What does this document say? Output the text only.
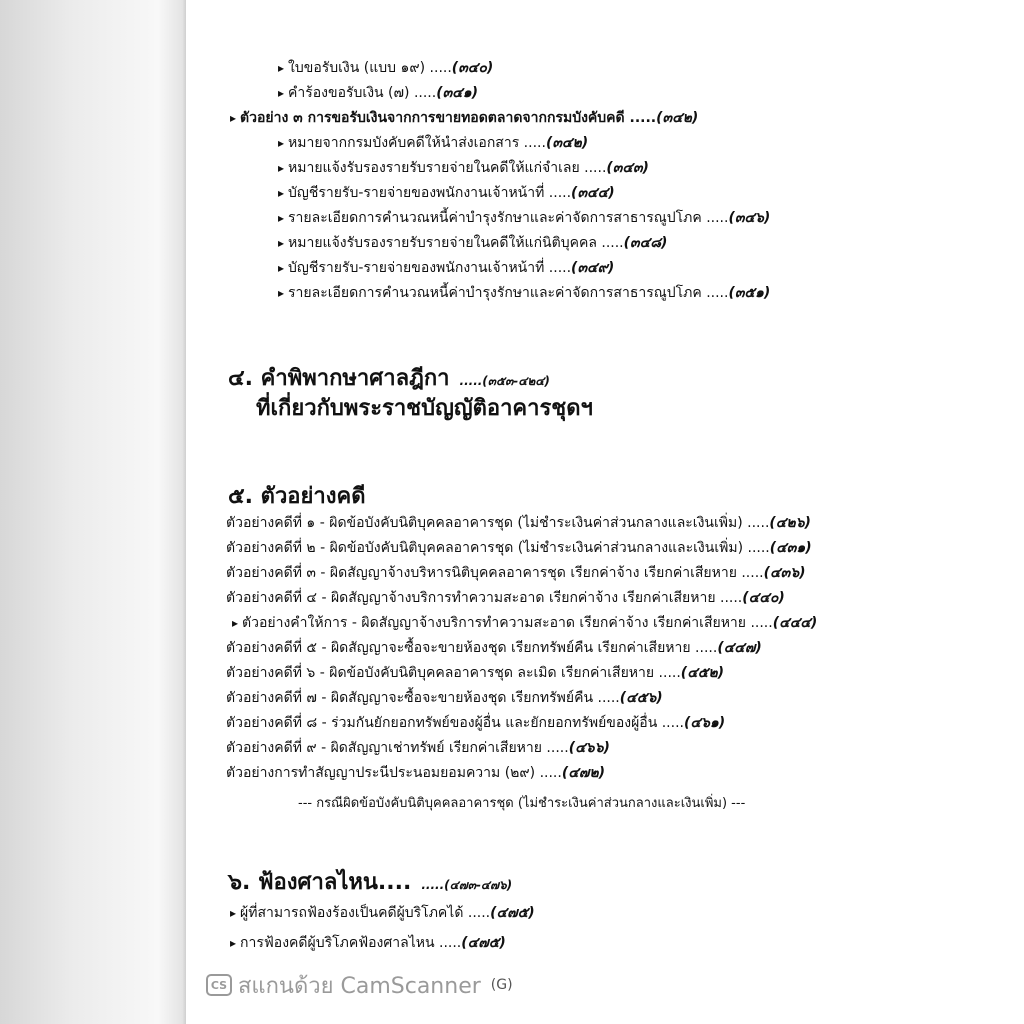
▸ ใบขอรับเงิน (แบบ ๑๙) .....(๓๔๐)
▸ คำร้องขอรับเงิน (๗) .....(๓๔๑)
▸ ตัวอย่าง ๓ การขอรับเงินจากการขายทอดตลาดจากกรมบังคับคดี .....(๓๔๒)
▸ หมายจากกรมบังคับคดีให้นำส่งเอกสาร .....(๓๔๒)
▸ หมายแจ้งรับรองรายรับรายจ่ายในคดีให้แก่จำเลย .....(๓๔๓)
▸ บัญชีรายรับ-รายจ่ายของพนักงานเจ้าหน้าที่ .....(๓๔๔)
▸ รายละเอียดการคำนวณหนี้ค่าบำรุงรักษาและค่าจัดการสาธารณูปโภค .....(๓๔๖)
▸ หมายแจ้งรับรองรายรับรายจ่ายในคดีให้แก่นิติบุคคล .....(๓๔๘)
▸ บัญชีรายรับ-รายจ่ายของพนักงานเจ้าหน้าที่ .....(๓๔๙)
▸ รายละเอียดการคำนวณหนี้ค่าบำรุงรักษาและค่าจัดการสาธารณูปโภค .....(๓๕๑)
๔. คำพิพากษาศาลฎีกา .....(๓๕๓-๔๒๔)
ที่เกี่ยวกับพระราชบัญญัติอาคารชุดฯ
๕. ตัวอย่างคดี
ตัวอย่างคดีที่ ๑ - ผิดข้อบังคับนิติบุคคลอาคารชุด (ไม่ชำระเงินค่าส่วนกลางและเงินเพิ่ม) .....(๔๒๖)
ตัวอย่างคดีที่ ๒ - ผิดข้อบังคับนิติบุคคลอาคารชุด (ไม่ชำระเงินค่าส่วนกลางและเงินเพิ่ม) .....(๔๓๑)
ตัวอย่างคดีที่ ๓ - ผิดสัญญาจ้างบริหารนิติบุคคลอาคารชุด เรียกค่าจ้าง เรียกค่าเสียหาย .....(๔๓๖)
ตัวอย่างคดีที่ ๔ - ผิดสัญญาจ้างบริการทำความสะอาด เรียกค่าจ้าง เรียกค่าเสียหาย .....(๔๔๐)
▸ ตัวอย่างคำให้การ - ผิดสัญญาจ้างบริการทำความสะอาด เรียกค่าจ้าง เรียกค่าเสียหาย .....(๔๔๔)
ตัวอย่างคดีที่ ๕ - ผิดสัญญาจะซื้อจะขายห้องชุด เรียกทรัพย์คืน เรียกค่าเสียหาย .....(๔๔๗)
ตัวอย่างคดีที่ ๖ - ผิดข้อบังคับนิติบุคคลอาคารชุด ละเมิด เรียกค่าเสียหาย .....(๔๕๒)
ตัวอย่างคดีที่ ๗ - ผิดสัญญาจะซื้อจะขายห้องชุด เรียกทรัพย์คืน .....(๔๕๖)
ตัวอย่างคดีที่ ๘ - ร่วมกันยักยอกทรัพย์ของผู้อื่น และยักยอกทรัพย์ของผู้อื่น .....(๔๖๑)
ตัวอย่างคดีที่ ๙ - ผิดสัญญาเช่าทรัพย์ เรียกค่าเสียหาย .....(๔๖๖)
ตัวอย่างการทำสัญญาประนีประนอมยอมความ (๒๙) .....(๔๗๒)
--- กรณีผิดข้อบังคับนิติบุคคลอาคารชุด (ไม่ชำระเงินค่าส่วนกลางและเงินเพิ่ม) ---
๖. ฟ้องศาลไหน.... .....(๔๗๓-๔๗๖)
▸ ผู้ที่สามารถฟ้องร้องเป็นคดีผู้บริโภคได้ .....(๔๗๕)
▸ การฟ้องคดีผู้บริโภคฟ้องศาลไหน .....(๔๗๕)
CS สแกนด้วย CamScanner (G)
